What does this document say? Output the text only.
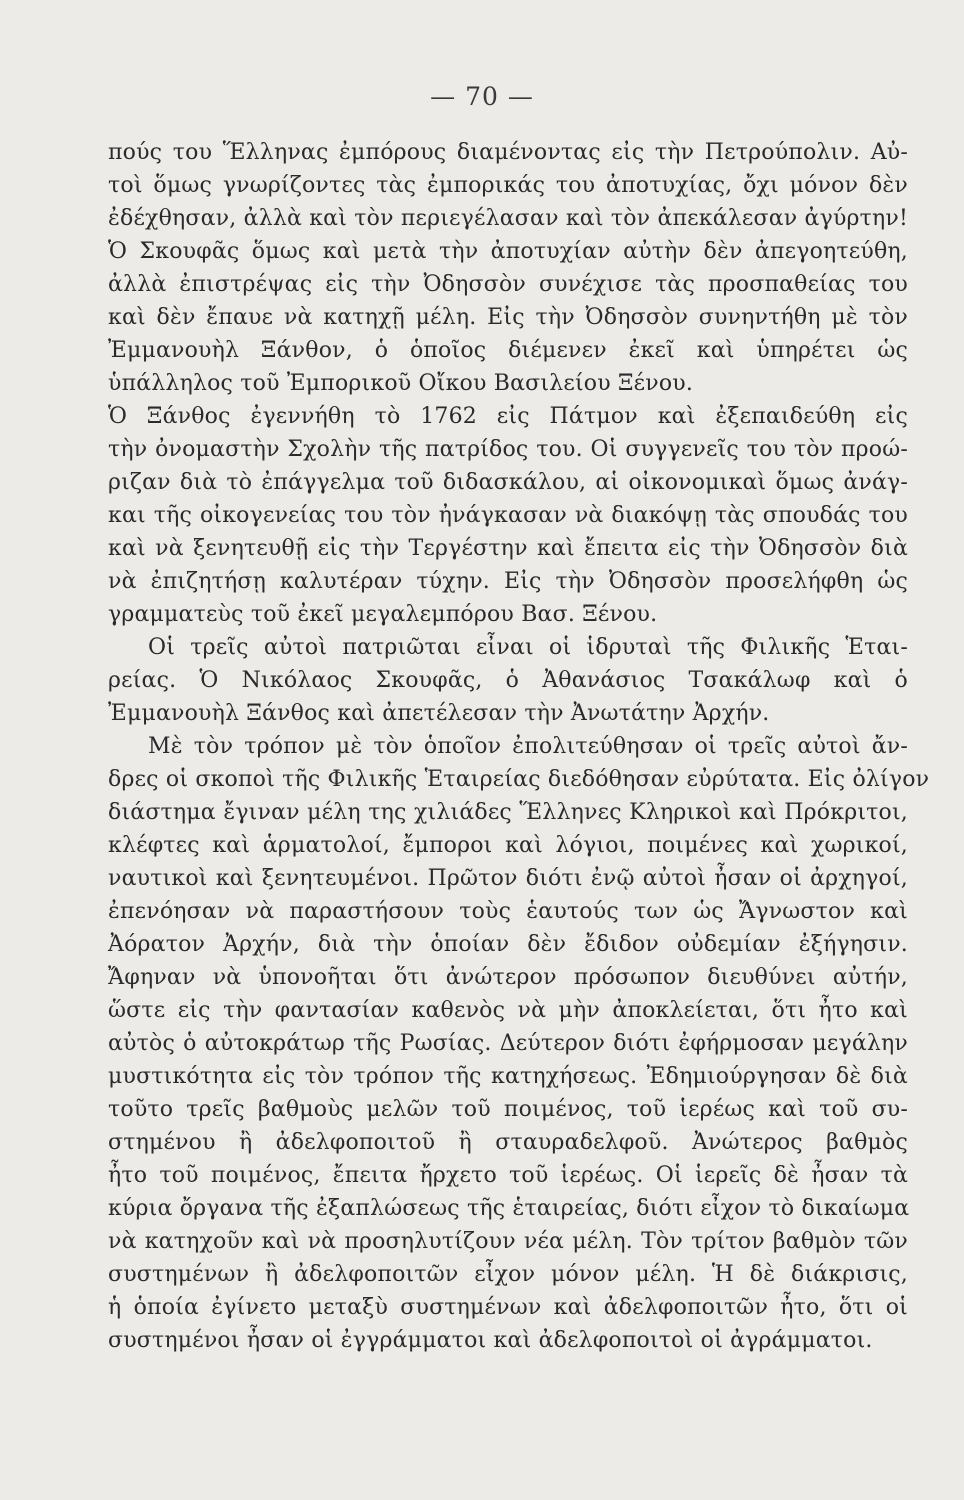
— 70 —
πούς του Ἕλληνας ἐμπόρους διαμένοντας εἰς τὴν Πετρούπολιν. Αὐ-
τοὶ ὅμως γνωρίζοντες τὰς ἐμπορικάς του ἀποτυχίας, ὄχι μόνον δὲν
ἐδέχθησαν, ἀλλὰ καὶ τὸν περιεγέλασαν καὶ τὸν ἀπεκάλεσαν ἀγύρτην!
Ὁ Σκουφᾶς ὅμως καὶ μετὰ τὴν ἀποτυχίαν αὐτὴν δὲν ἀπεγοητεύθη,
ἀλλὰ ἐπιστρέψας εἰς τὴν Ὀδησσὸν συνέχισε τὰς προσπαθείας του
καὶ δὲν ἔπαυε νὰ κατηχῇ μέλη. Εἰς τὴν Ὀδησσὸν συνηντήθη μὲ τὸν
Ἐμμανουὴλ Ξάνθον, ὁ ὁποῖος διέμενεν ἐκεῖ καὶ ὑπηρέτει ὡς
ὑπάλληλος τοῦ Ἐμπορικοῦ Οἴκου Βασιλείου Ξένου.
Ὁ Ξάνθος ἐγεννήθη τὸ 1762 εἰς Πάτμον καὶ ἐξεπαιδεύθη εἰς
τὴν ὀνομαστὴν Σχολὴν τῆς πατρίδος του. Οἱ συγγενεῖς του τὸν προώ-
ριζαν διὰ τὸ ἐπάγγελμα τοῦ διδασκάλου, αἱ οἰκονομικαὶ ὅμως ἀνάγ-
και τῆς οἰκογενείας του τὸν ἠνάγκασαν νὰ διακόψῃ τὰς σπουδάς του
καὶ νὰ ξενητευθῇ εἰς τὴν Τεργέστην καὶ ἔπειτα εἰς τὴν Ὀδησσὸν διὰ
νὰ ἐπιζητήσῃ καλυτέραν τύχην. Εἰς τὴν Ὀδησσὸν προσελήφθη ὡς
γραμματεὺς τοῦ ἐκεῖ μεγαλεμπόρου Βασ. Ξένου.
Οἱ τρεῖς αὐτοὶ πατριῶται εἶναι οἱ ἱδρυταὶ τῆς Φιλικῆς Ἑται-
ρείας. Ὁ Νικόλαος Σκουφᾶς, ὁ Ἀθανάσιος Τσακάλωφ καὶ ὁ
Ἐμμανουὴλ Ξάνθος καὶ ἀπετέλεσαν τὴν Ἀνωτάτην Ἀρχήν.
Μὲ τὸν τρόπον μὲ τὸν ὁποῖον ἐπολιτεύθησαν οἱ τρεῖς αὐτοὶ ἄν-
δρες οἱ σκοποὶ τῆς Φιλικῆς Ἑταιρείας διεδόθησαν εὐρύτατα. Εἰς ὀλίγον
διάστημα ἔγιναν μέλη της χιλιάδες Ἕλληνες Κληρικοὶ καὶ Πρόκριτοι,
κλέφτες καὶ ἁρματολοί, ἔμποροι καὶ λόγιοι, ποιμένες καὶ χωρικοί,
ναυτικοὶ καὶ ξενητευμένοι. Πρῶτον διότι ἐνῷ αὐτοὶ ἦσαν οἱ ἀρχηγοί,
ἐπενόησαν νὰ παραστήσουν τοὺς ἑαυτούς των ὡς Ἄγνωστον καὶ
Ἀόρατον Ἀρχήν, διὰ τὴν ὁποίαν δὲν ἔδιδον οὐδεμίαν ἐξήγησιν.
Ἄφηναν νὰ ὑπονοῆται ὅτι ἀνώτερον πρόσωπον διευθύνει αὐτήν,
ὥστε εἰς τὴν φαντασίαν καθενὸς νὰ μὴν ἀποκλείεται, ὅτι ἦτο καὶ
αὐτὸς ὁ αὐτοκράτωρ τῆς Ρωσίας. Δεύτερον διότι ἐφήρμοσαν μεγάλην
μυστικότητα εἰς τὸν τρόπον τῆς κατηχήσεως. Ἐδημιούργησαν δὲ διὰ
τοῦτο τρεῖς βαθμοὺς μελῶν τοῦ ποιμένος, τοῦ ἱερέως καὶ τοῦ συ-
στημένου ἢ ἀδελφοποιτοῦ ἢ σταυραδελφοῦ. Ἀνώτερος βαθμὸς
ἦτο τοῦ ποιμένος, ἔπειτα ἤρχετο τοῦ ἱερέως. Οἱ ἱερεῖς δὲ ἦσαν τὰ
κύρια ὄργανα τῆς ἐξαπλώσεως τῆς ἑταιρείας, διότι εἶχον τὸ δικαίωμα
νὰ κατηχοῦν καὶ νὰ προσηλυτίζουν νέα μέλη. Τὸν τρίτον βαθμὸν τῶν
συστημένων ἢ ἀδελφοποιτῶν εἶχον μόνον μέλη. Ἡ δὲ διάκρισις,
ἡ ὁποία ἐγίνετο μεταξὺ συστημένων καὶ ἀδελφοποιτῶν ἦτο, ὅτι οἱ
συστημένοι ἦσαν οἱ ἐγγράμματοι καὶ ἀδελφοποιτοὶ οἱ ἀγράμματοι.
